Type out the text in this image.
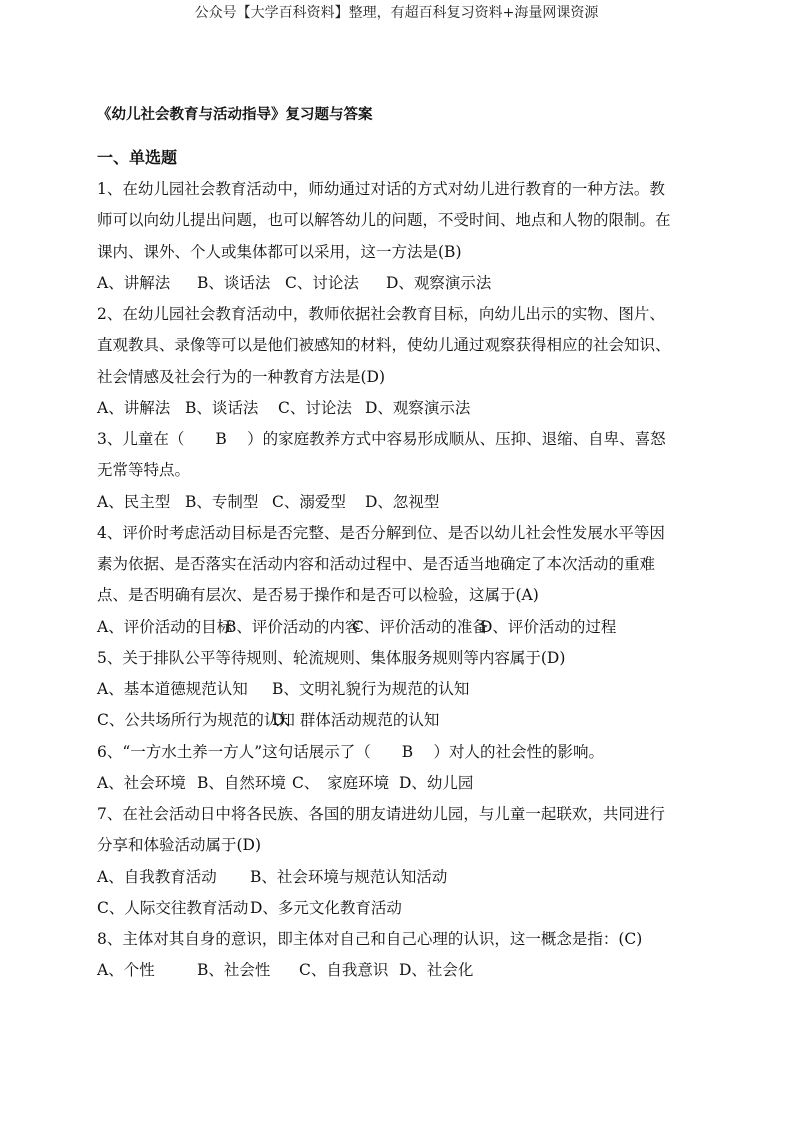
公众号【大学百科资料】整理，有超百科复习资料+海量网课资源
《幼儿社会教育与活动指导》复习题与答案
一、单选题
1、在幼儿园社会教育活动中，师幼通过对话的方式对幼儿进行教育的一种方法。教
师可以向幼儿提出问题，也可以解答幼儿的问题，不受时间、地点和人物的限制。在
课内、课外、个人或集体都可以采用，这一方法是(B)
A、讲解法 B、谈话法 C、讨论法 D、观察演示法
2、在幼儿园社会教育活动中，教师依据社会教育目标，向幼儿出示的实物、图片、
直观教具、录像等可以是他们被感知的材料，使幼儿通过观察获得相应的社会知识、
社会情感及社会行为的一种教育方法是(D)
A、讲解法 B、谈话法 C、讨论法 D、观察演示法
3、儿童在（　　B　 ）的家庭教养方式中容易形成顺从、压抑、退缩、自卑、喜怒
无常等特点。
A、民主型 B、专制型 C、溺爱型 D、忽视型
4、评价时考虑活动目标是否完整、是否分解到位、是否以幼儿社会性发展水平等因
素为依据、是否落实在活动内容和活动过程中、是否适当地确定了本次活动的重难
点、是否明确有层次、是否易于操作和是否可以检验，这属于(A)
A、评价活动的目标
B、评价活动的内容
C、评价活动的准备
D、评价活动的过程
5、关于排队公平等待规则、轮流规则、集体服务规则等内容属于(D)
A、基本道德规范认知 B、文明礼貌行为规范的认知
C、公共场所行为规范的认知
D、群体活动规范的认知
6、“一方水土养一方人”这句话展示了（　　B　 ）对人的社会性的影响。
A、社会环境 B、自然环境 C、　家庭环境 D、幼儿园
7、在社会活动日中将各民族、各国的朋友请进幼儿园，与儿童一起联欢，共同进行
分享和体验活动属于(D)
A、自我教育活动 B、社会环境与规范认知活动
C、人际交往教育活动 D、多元文化教育活动
8、主体对其自身的意识，即主体对自己和自己心理的认识，这一概念是指：(C)
A、个性	B、社会性 C、自我意识 D、社会化
